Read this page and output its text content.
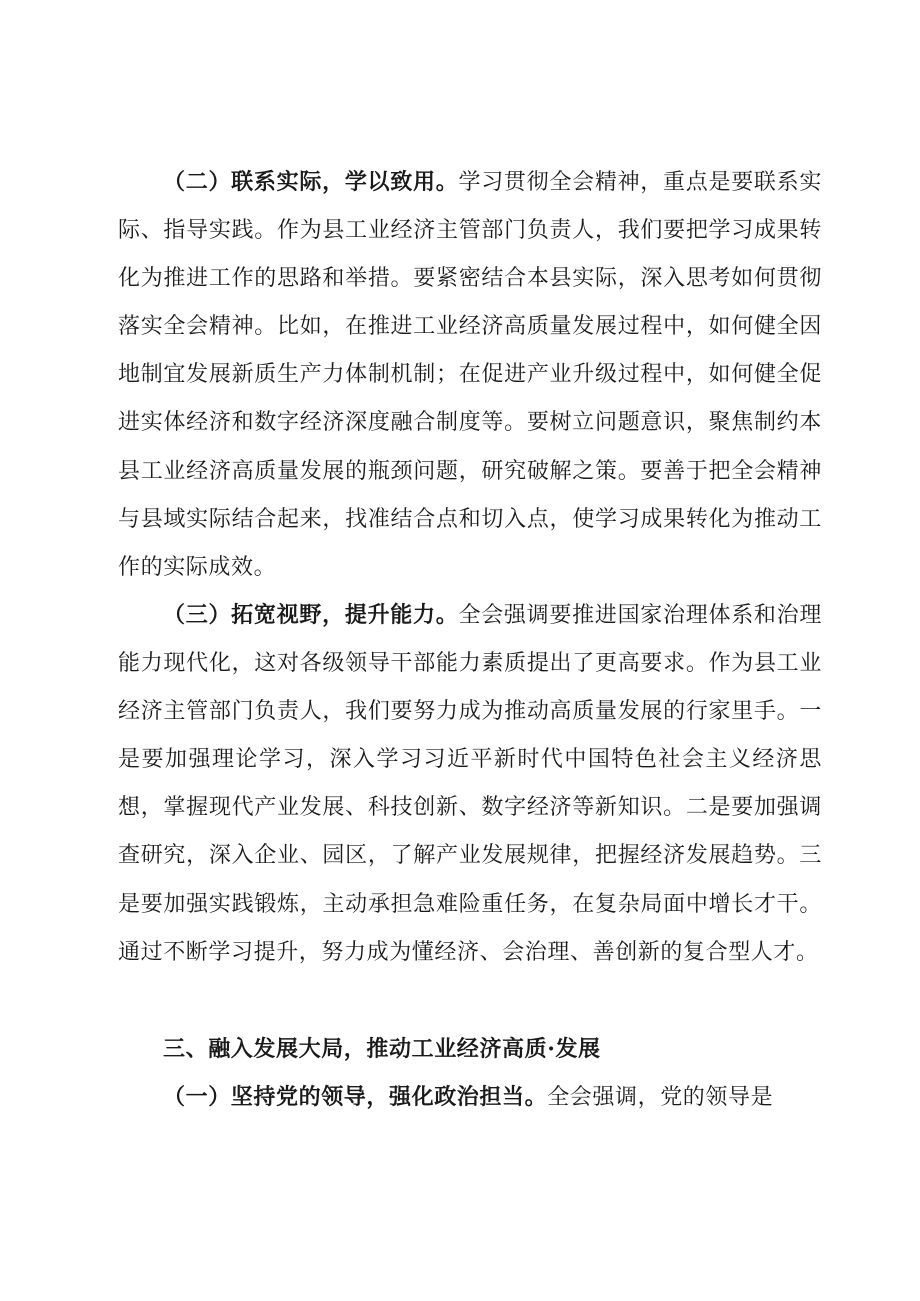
（二）联系实际，学以致用。学习贯彻全会精神，重点是要联系实际、指导实践。作为县工业经济主管部门负责人，我们要把学习成果转化为推进工作的思路和举措。要紧密结合本县实际，深入思考如何贯彻落实全会精神。比如，在推进工业经济高质量发展过程中，如何健全因地制宜发展新质生产力体制机制；在促进产业升级过程中，如何健全促进实体经济和数字经济深度融合制度等。要树立问题意识，聚焦制约本县工业经济高质量发展的瓶颈问题，研究破解之策。要善于把全会精神与县域实际结合起来，找准结合点和切入点，使学习成果转化为推动工作的实际成效。

（三）拓宽视野，提升能力。全会强调要推进国家治理体系和治理能力现代化，这对各级领导干部能力素质提出了更高要求。作为县工业经济主管部门负责人，我们要努力成为推动高质量发展的行家里手。一是要加强理论学习，深入学习习近平新时代中国特色社会主义经济思想，掌握现代产业发展、科技创新、数字经济等新知识。二是要加强调查研究，深入企业、园区，了解产业发展规律，把握经济发展趋势。三是要加强实践锻炼，主动承担急难险重任务，在复杂局面中增长才干。通过不断学习提升，努力成为懂经济、会治理、善创新的复合型人才。

三、融入发展大局，推动工业经济高质·发展

（一）坚持党的领导，强化政治担当。全会强调，党的领导是
